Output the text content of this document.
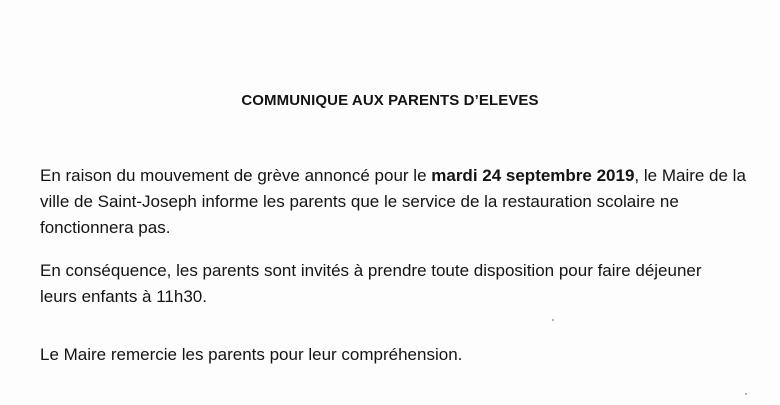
COMMUNIQUE AUX PARENTS D’ELEVES
En raison du mouvement de grève annoncé pour le mardi 24 septembre 2019, le Maire de la
ville de Saint-Joseph informe les parents que le service de la restauration scolaire ne
fonctionnera pas.
En conséquence, les parents sont invités à prendre toute disposition pour faire déjeuner
leurs enfants à 11h30.
Le Maire remercie les parents pour leur compréhension.
